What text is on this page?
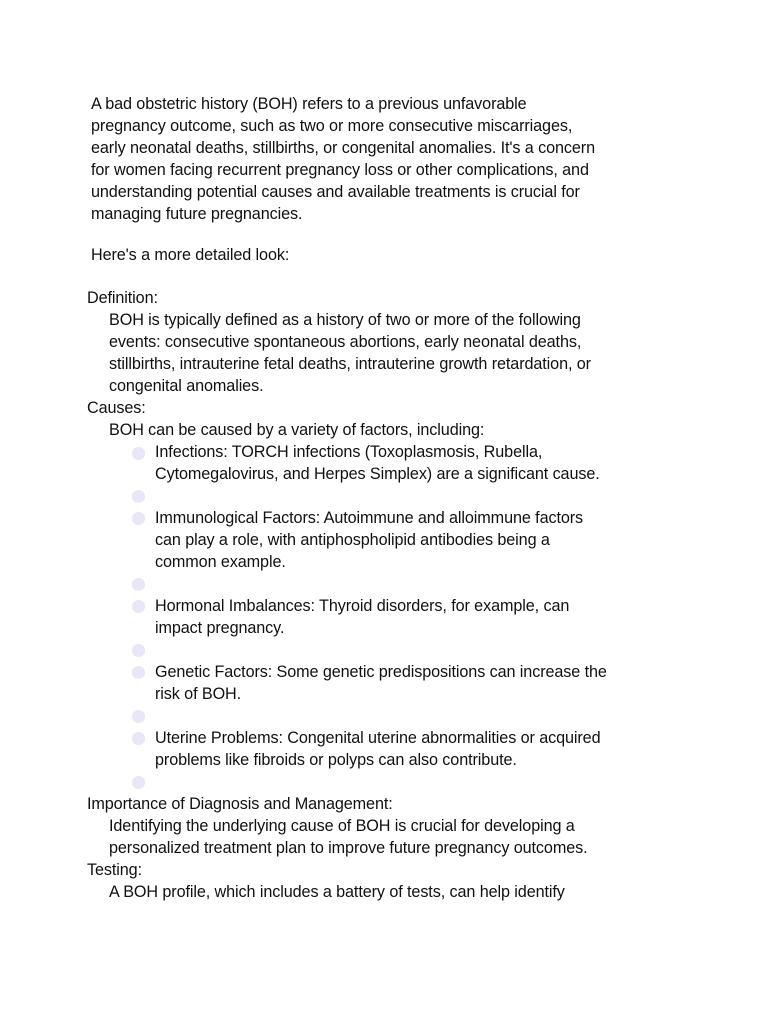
A bad obstetric history (BOH) refers to a previous unfavorable

pregnancy outcome, such as two or more consecutive miscarriages,

early neonatal deaths, stillbirths, or congenital anomalies. It's a concern

for women facing recurrent pregnancy loss or other complications, and

understanding potential causes and available treatments is crucial for

managing future pregnancies.

Here's a more detailed look:

Definition:

BOH is typically defined as a history of two or more of the following

events: consecutive spontaneous abortions, early neonatal deaths,

stillbirths, intrauterine fetal deaths, intrauterine growth retardation, or

congenital anomalies.

Causes:

BOH can be caused by a variety of factors, including:

Infections: TORCH infections (Toxoplasmosis, Rubella,

Cytomegalovirus, and Herpes Simplex) are a significant cause.

Immunological Factors: Autoimmune and alloimmune factors

can play a role, with antiphospholipid antibodies being a

common example.

Hormonal Imbalances: Thyroid disorders, for example, can

impact pregnancy.

Genetic Factors: Some genetic predispositions can increase the

risk of BOH.

Uterine Problems: Congenital uterine abnormalities or acquired

problems like fibroids or polyps can also contribute.

Importance of Diagnosis and Management:

Identifying the underlying cause of BOH is crucial for developing a

personalized treatment plan to improve future pregnancy outcomes.

Testing:

A BOH profile, which includes a battery of tests, can help identify
